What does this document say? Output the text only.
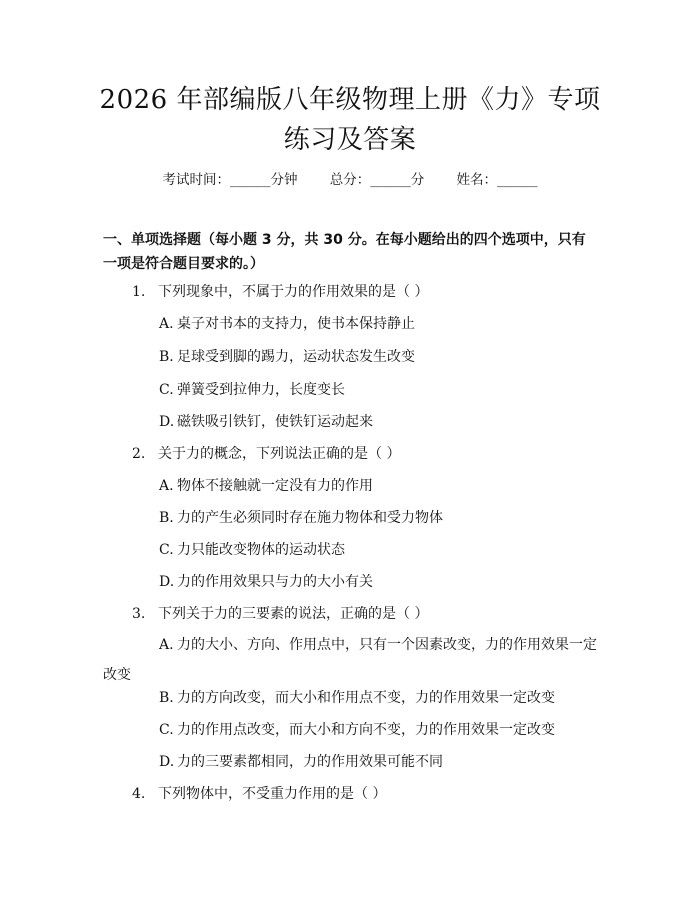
2026 年部编版八年级物理上册《力》专项练习及答案
考试时间：______分钟 总分：______分 姓名：______
一、单项选择题（每小题 3 分，共 30 分。在每小题给出的四个选项中，只有一项是符合题目要求的。）
1. 下列现象中，不属于力的作用效果的是（ ）
A. 桌子对书本的支持力，使书本保持静止
B. 足球受到脚的踢力，运动状态发生改变
C. 弹簧受到拉伸力，长度变长
D. 磁铁吸引铁钉，使铁钉运动起来
2. 关于力的概念，下列说法正确的是（ ）
A. 物体不接触就一定没有力的作用
B. 力的产生必须同时存在施力物体和受力物体
C. 力只能改变物体的运动状态
D. 力的作用效果只与力的大小有关
3. 下列关于力的三要素的说法，正确的是（ ）
A. 力的大小、方向、作用点中，只有一个因素改变，力的作用效果一定改变
B. 力的方向改变，而大小和作用点不变，力的作用效果一定改变
C. 力的作用点改变，而大小和方向不变，力的作用效果一定改变
D. 力的三要素都相同，力的作用效果可能不同
4. 下列物体中，不受重力作用的是（ ）
